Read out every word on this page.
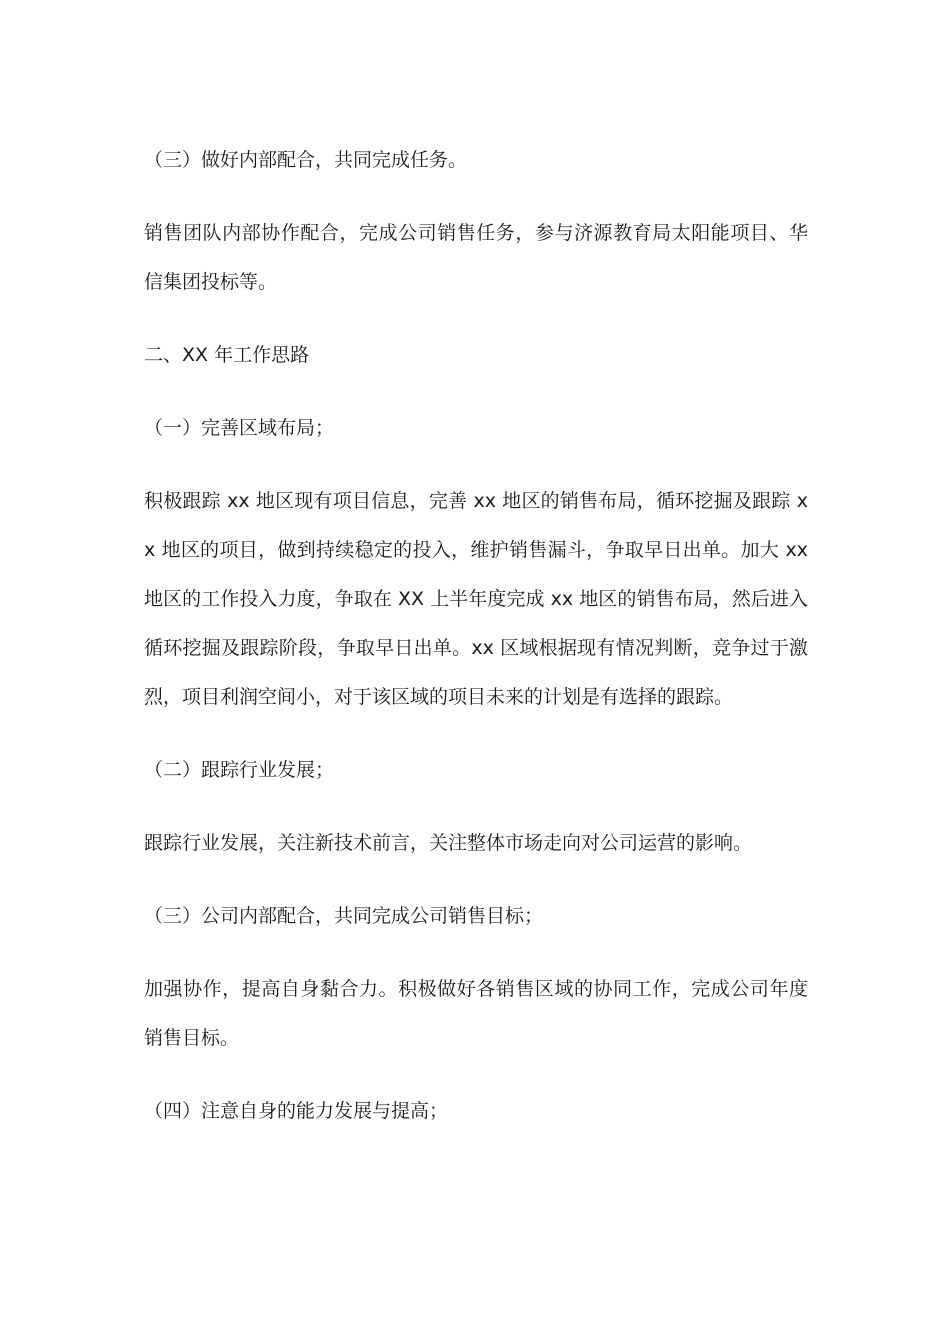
（三）做好内部配合，共同完成任务。

销售团队内部协作配合，完成公司销售任务，参与济源教育局太阳能项目、华信集团投标等。

二、XX 年工作思路

（一）完善区域布局；

积极跟踪 xx 地区现有项目信息，完善 xx 地区的销售布局，循环挖掘及跟踪 xx 地区的项目，做到持续稳定的投入，维护销售漏斗，争取早日出单。加大 xx 地区的工作投入力度，争取在 XX 上半年度完成 xx 地区的销售布局，然后进入循环挖掘及跟踪阶段，争取早日出单。xx 区域根据现有情况判断，竞争过于激烈，项目利润空间小，对于该区域的项目未来的计划是有选择的跟踪。

（二）跟踪行业发展；

跟踪行业发展，关注新技术前言，关注整体市场走向对公司运营的影响。

（三）公司内部配合，共同完成公司销售目标；

加强协作，提高自身黏合力。积极做好各销售区域的协同工作，完成公司年度销售目标。

（四）注意自身的能力发展与提高；
